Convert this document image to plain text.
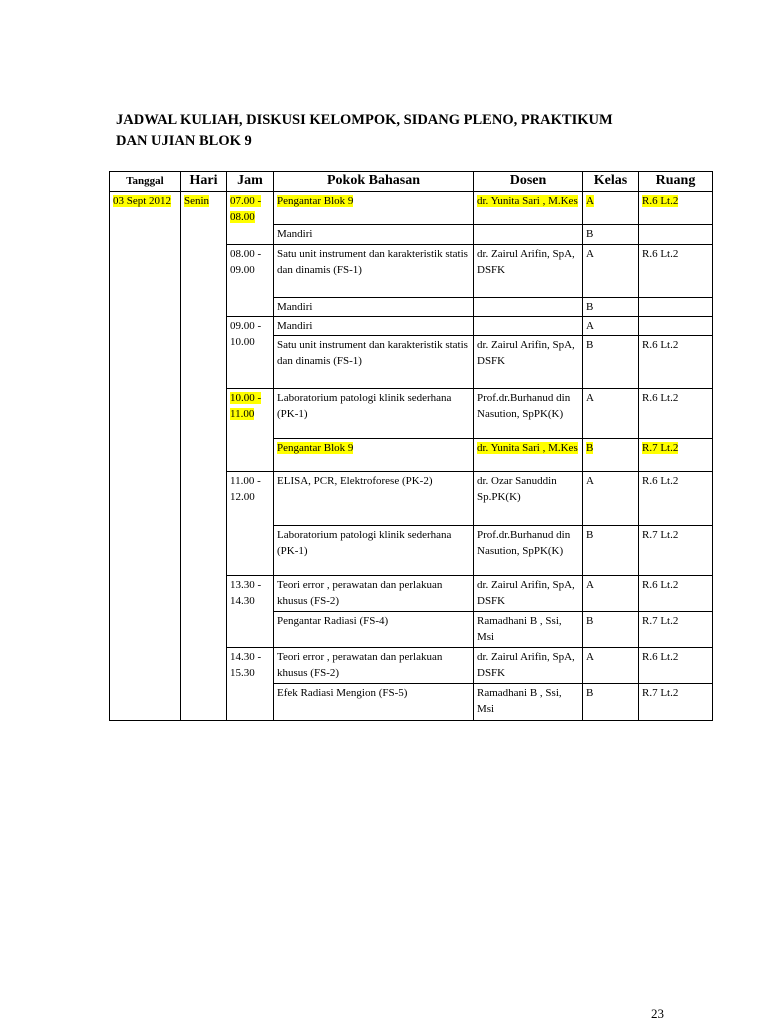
JADWAL KULIAH, DISKUSI KELOMPOK, SIDANG PLENO, PRAKTIKUM
DAN UJIAN BLOK 9
Tanggal	Hari	Jam	Pokok Bahasan	Dosen	Kelas	Ruang
03 Sept 2012	Senin	07.00 - 08.00	Pengantar Blok 9	dr. Yunita Sari , M.Kes	A	R.6 Lt.2
			Mandiri		B	
		08.00 - 09.00	Satu unit instrument dan karakteristik statis dan dinamis (FS-1)	dr. Zairul Arifin, SpA, DSFK	A	R.6 Lt.2
			Mandiri		B	
		09.00 - 10.00	Mandiri		A	
			Satu unit instrument dan karakteristik statis dan dinamis (FS-1)	dr. Zairul Arifin, SpA, DSFK	B	R.6 Lt.2
		10.00 - 11.00	Laboratorium patologi klinik sederhana (PK-1)	Prof.dr.Burhanud din Nasution, SpPK(K)	A	R.6 Lt.2
			Pengantar Blok 9	dr. Yunita Sari , M.Kes	B	R.7 Lt.2
		11.00 - 12.00	ELISA, PCR, Elektroforese (PK-2)	dr. Ozar Sanuddin Sp.PK(K)	A	R.6 Lt.2
			Laboratorium patologi klinik sederhana (PK-1)	Prof.dr.Burhanud din Nasution, SpPK(K)	B	R.7 Lt.2
		13.30 - 14.30	Teori error , perawatan dan perlakuan khusus (FS-2)	dr. Zairul Arifin, SpA, DSFK	A	R.6 Lt.2
			Pengantar Radiasi (FS-4)	Ramadhani B , Ssi, Msi	B	R.7 Lt.2
		14.30 - 15.30	Teori error , perawatan dan perlakuan khusus (FS-2)	dr. Zairul Arifin, SpA, DSFK	A	R.6 Lt.2
			Efek Radiasi Mengion (FS-5)	Ramadhani B , Ssi, Msi	B	R.7 Lt.2
23
